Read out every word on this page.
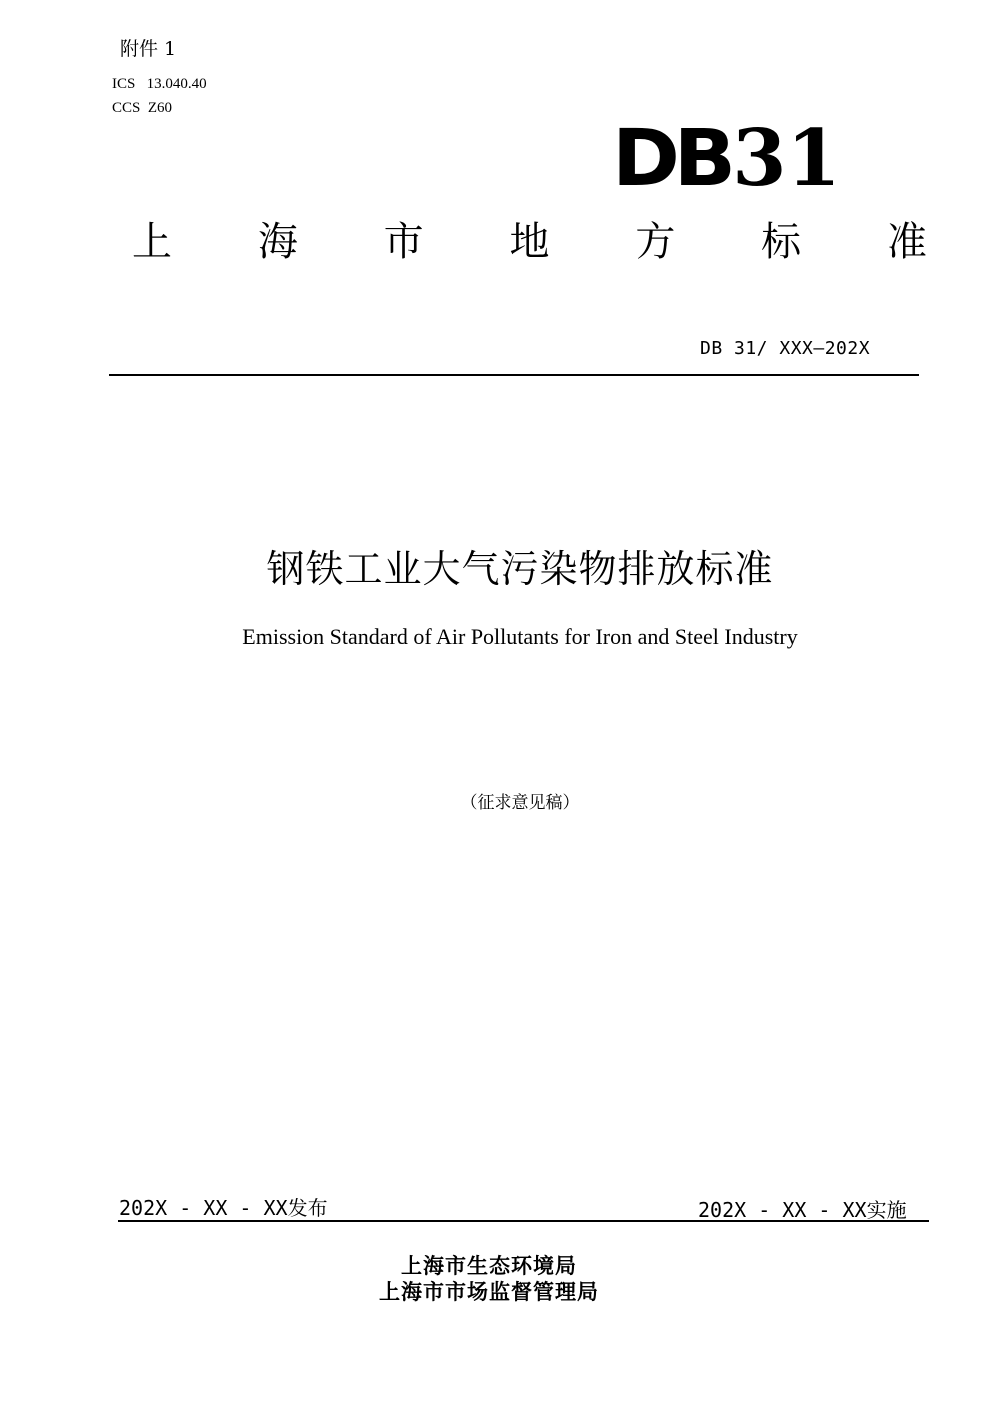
附件 1
ICS   13.040.40
CCS  Z60
DB 31
上 海 市 地 方 标 准
DB 31/ XXX—202X
钢铁工业大气污染物排放标准
Emission Standard of Air Pollutants for Iron and Steel Industry
（征求意见稿）
202X - XX - XX发布	202X - XX - XX实施
上海市生态环境局
上海市市场监督管理局
